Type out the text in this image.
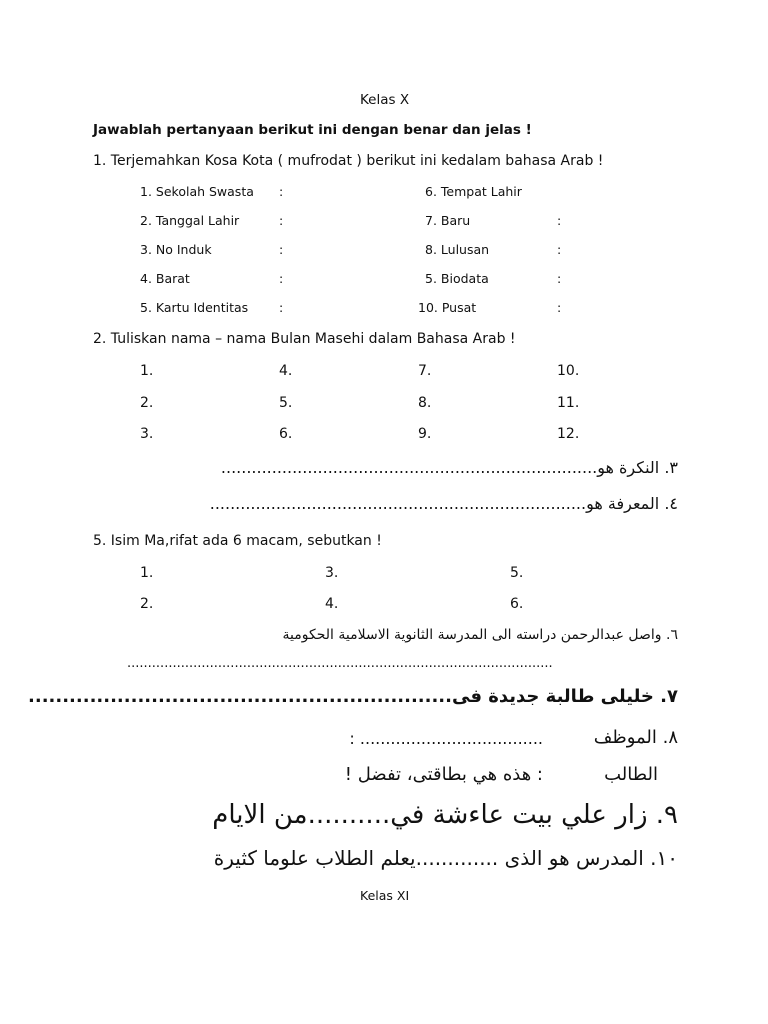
Kelas X
Jawablah pertanyaan berikut ini dengan benar dan jelas !
1. Terjemahkan Kosa Kota ( mufrodat ) berikut ini kedalam bahasa Arab !
1. Sekolah Swasta :	6. Tempat Lahir
2. Tanggal Lahir	:	7. Baru	:
3. No Induk	:	8. Lulusan	:
4. Barat	:	5. Biodata	:
5. Kartu Identitas :	10. Pusat	:
2. Tuliskan nama – nama Bulan Masehi dalam Bahasa Arab !
1.	4.	7.	10.
2.	5.	8.	11.
3.	6.	9.	12.
٣. النكرة هو..........................................................................
٤. المعرفة هو..........................................................................
5. Isim Ma,rifat ada 6 macam, sebutkan !
1.	3.	5.
2.	4.	6.
٦. واصل عبدالرحمن دراسته الى المدرسة الثانوية الاسلامية الحكومية
.......................................................................................................
٧. خليلى طالبة جديدة فى..............................................................
٨. الموظف
: ....................................
الطالب
: هذه هي بطاقتى، تفضل !
٩. زار علي بيت عاءشة في..........من الايام
١٠. المدرس هو الذى .............يعلم الطلاب علوما كثيرة
Kelas XI
